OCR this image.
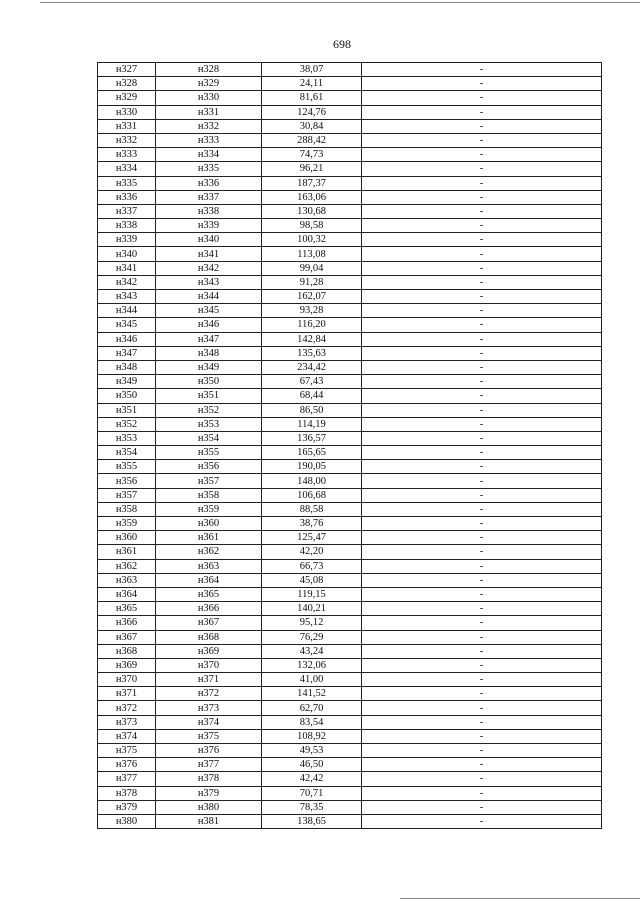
698
н327	н328	38,07	-
н328	н329	24,11	-
н329	н330	81,61	-
н330	н331	124,76	-
н331	н332	30,84	-
н332	н333	288,42	-
н333	н334	74,73	-
н334	н335	96,21	-
н335	н336	187,37	-
н336	н337	163,06	-
н337	н338	130,68	-
н338	н339	98,58	-
н339	н340	100,32	-
н340	н341	113,08	-
н341	н342	99,04	-
н342	н343	91,28	-
н343	н344	162,07	-
н344	н345	93,28	-
н345	н346	116,20	-
н346	н347	142,84	-
н347	н348	135,63	-
н348	н349	234,42	-
н349	н350	67,43	-
н350	н351	68,44	-
н351	н352	86,50	-
н352	н353	114,19	-
н353	н354	136,57	-
н354	н355	165,65	-
н355	н356	190,05	-
н356	н357	148,00	-
н357	н358	106,68	-
н358	н359	88,58	-
н359	н360	38,76	-
н360	н361	125,47	-
н361	н362	42,20	-
н362	н363	66,73	-
н363	н364	45,08	-
н364	н365	119,15	-
н365	н366	140,21	-
н366	н367	95,12	-
н367	н368	76,29	-
н368	н369	43,24	-
н369	н370	132,06	-
н370	н371	41,00	-
н371	н372	141,52	-
н372	н373	62,70	-
н373	н374	83,54	-
н374	н375	108,92	-
н375	н376	49,53	-
н376	н377	46,50	-
н377	н378	42,42	-
н378	н379	70,71	-
н379	н380	78,35	-
н380	н381	138,65	-
